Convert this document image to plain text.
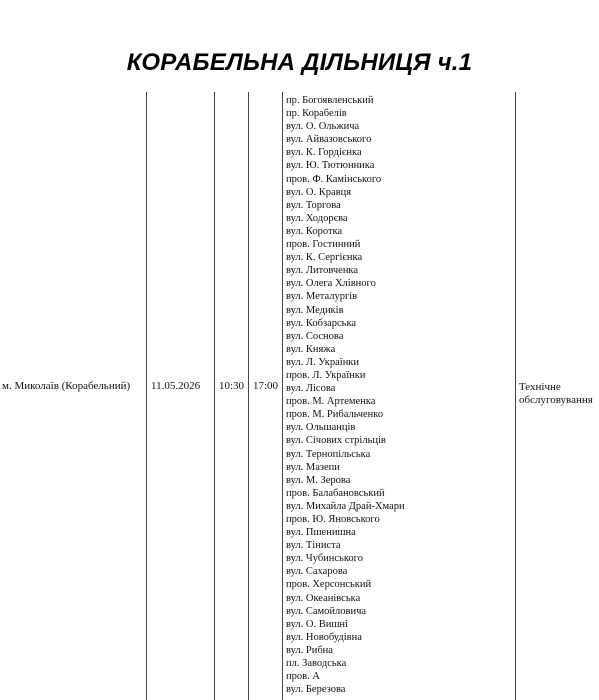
КОРАБЕЛЬНА ДІЛЬНИЦЯ ч.1
м. Миколаїв (Корабельний)	11.05.2026	10:30 17:00
пр. Богоявленський
пр. Корабелів
вул. О. Ольжича
вул. Айвазовського
вул. К. Гордієнка
вул. Ю. Тютюнника
пров. Ф. Камінського
вул. О. Кравця
вул. Торгова
вул. Ходорєва
вул. Коротка
пров. Гостинний
вул. К. Сергієнка
вул. Литовченка
вул. Олега Хлівного
вул. Металургів
вул. Медиків
вул. Кобзарська
вул. Соснова
вул. Княжа
вул. Л. Українки
пров. Л. Українки
вул. Лісова
пров. М. Артеменка
пров. М. Рибальченко
вул. Ольшанців
вул. Січових стрільців
вул. Тернопільська
вул. Мазепи
вул. М. Зерова
пров. Балабановський
вул. Михайла Драй-Хмари
пров. Ю. Яновського
вул. Пшенишна
вул. Тіниста
вул. Чубинського
вул. Сахарова
пров. Херсонський
вул. Океанівська
вул. Самойловича
вул. О. Вишні
вул. Новобудівна
вул. Рибна
пл. Заводська
пров. А
вул. Березова
Технічне обслуговування
